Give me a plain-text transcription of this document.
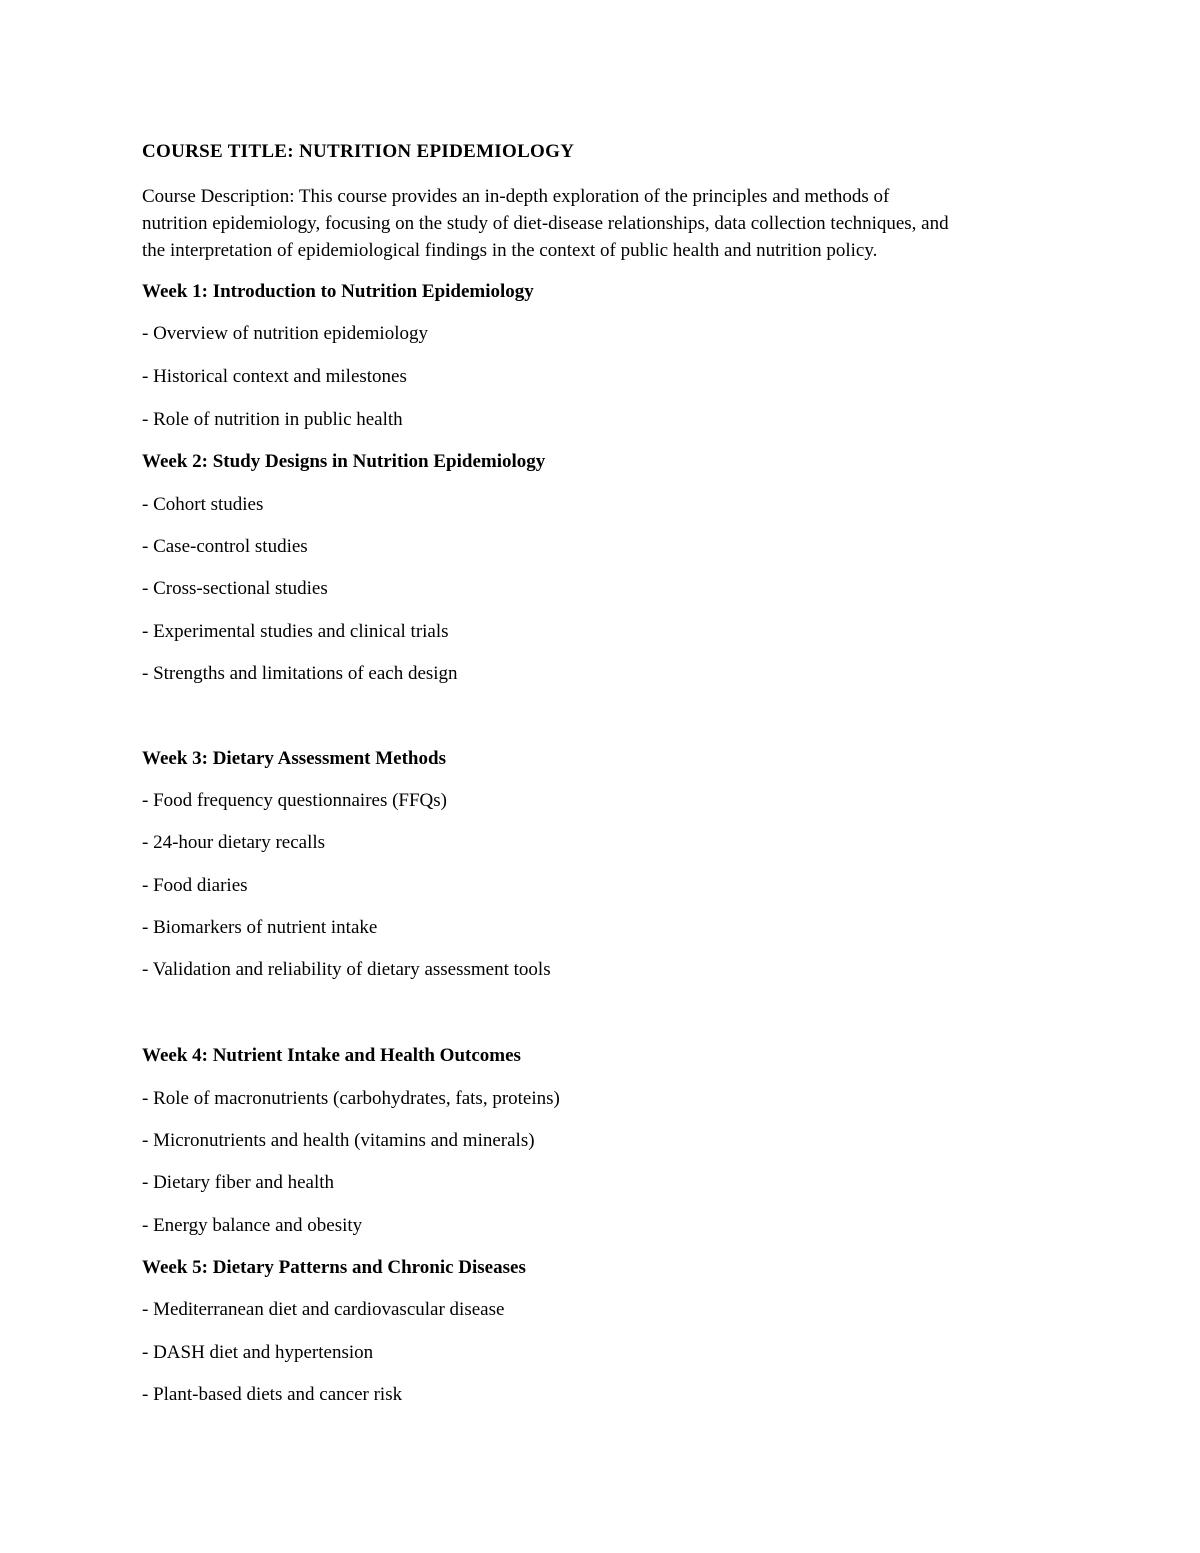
COURSE TITLE: NUTRITION EPIDEMIOLOGY
Course Description: This course provides an in-depth exploration of the principles and methods of
nutrition epidemiology, focusing on the study of diet-disease relationships, data collection techniques, and
the interpretation of epidemiological findings in the context of public health and nutrition policy.
Week 1: Introduction to Nutrition Epidemiology
- Overview of nutrition epidemiology
- Historical context and milestones
- Role of nutrition in public health
Week 2: Study Designs in Nutrition Epidemiology
- Cohort studies
- Case-control studies
- Cross-sectional studies
- Experimental studies and clinical trials
- Strengths and limitations of each design
Week 3: Dietary Assessment Methods
- Food frequency questionnaires (FFQs)
- 24-hour dietary recalls
- Food diaries
- Biomarkers of nutrient intake
- Validation and reliability of dietary assessment tools
Week 4: Nutrient Intake and Health Outcomes
- Role of macronutrients (carbohydrates, fats, proteins)
- Micronutrients and health (vitamins and minerals)
- Dietary fiber and health
- Energy balance and obesity
Week 5: Dietary Patterns and Chronic Diseases
- Mediterranean diet and cardiovascular disease
- DASH diet and hypertension
- Plant-based diets and cancer risk
